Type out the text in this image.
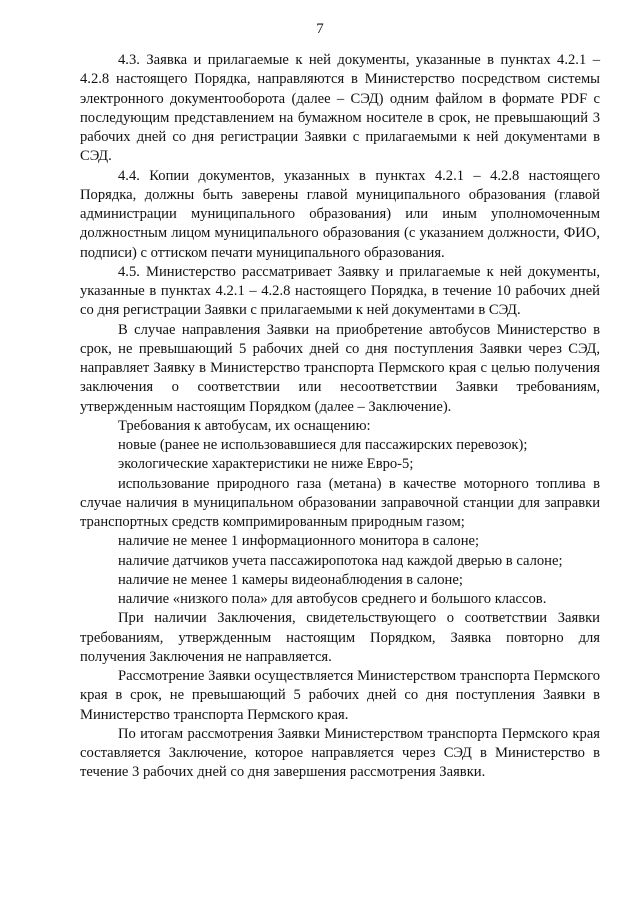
7

4.3. Заявка и прилагаемые к ней документы, указанные в пунктах 4.2.1 – 4.2.8 настоящего Порядка, направляются в Министерство посредством системы электронного документооборота (далее – СЭД) одним файлом в формате PDF с последующим представлением на бумажном носителе в срок, не превышающий 3 рабочих дней со дня регистрации Заявки с прилагаемыми к ней документами в СЭД.

4.4. Копии документов, указанных в пунктах 4.2.1 – 4.2.8 настоящего Порядка, должны быть заверены главой муниципального образования (главой администрации муниципального образования) или иным уполномоченным должностным лицом муниципального образования (с указанием должности, ФИО, подписи) с оттиском печати муниципального образования.

4.5. Министерство рассматривает Заявку и прилагаемые к ней документы, указанные в пунктах 4.2.1 – 4.2.8 настоящего Порядка, в течение 10 рабочих дней со дня регистрации Заявки с прилагаемыми к ней документами в СЭД.

В случае направления Заявки на приобретение автобусов Министерство в срок, не превышающий 5 рабочих дней со дня поступления Заявки через СЭД, направляет Заявку в Министерство транспорта Пермского края с целью получения заключения о соответствии или несоответствии Заявки требованиям, утвержденным настоящим Порядком (далее – Заключение).

Требования к автобусам, их оснащению:

новые (ранее не использовавшиеся для пассажирских перевозок);

экологические характеристики не ниже Евро-5;

использование природного газа (метана) в качестве моторного топлива в случае наличия в муниципальном образовании заправочной станции для заправки транспортных средств компримированным природным газом;

наличие не менее 1 информационного монитора в салоне;

наличие датчиков учета пассажиропотока над каждой дверью в салоне;

наличие не менее 1 камеры видеонаблюдения в салоне;

наличие «низкого пола» для автобусов среднего и большого классов.

При наличии Заключения, свидетельствующего о соответствии Заявки требованиям, утвержденным настоящим Порядком, Заявка повторно для получения Заключения не направляется.

Рассмотрение Заявки осуществляется Министерством транспорта Пермского края в срок, не превышающий 5 рабочих дней со дня поступления Заявки в Министерство транспорта Пермского края.

По итогам рассмотрения Заявки Министерством транспорта Пермского края составляется Заключение, которое направляется через СЭД в Министерство в течение 3 рабочих дней со дня завершения рассмотрения Заявки.
